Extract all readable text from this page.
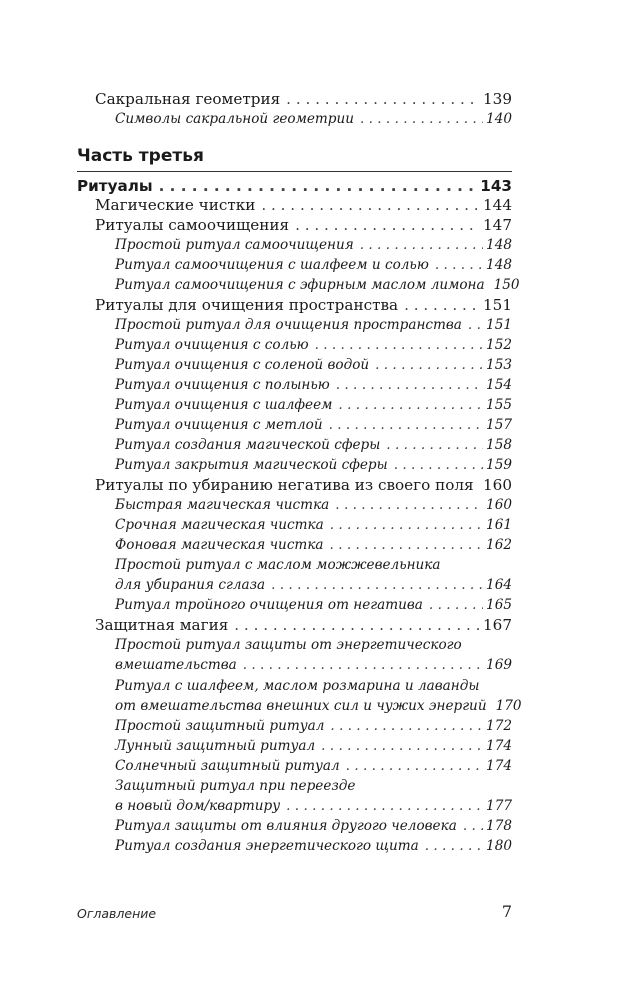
Сакральная геометрия . . .	139
Символы сакральной геометрии . . .	140
Часть третья
Ритуалы . . .	143
Магические чистки . . .	144
Ритуалы самоочищения . . .	147
Простой ритуал самоочищения . . .	148
Ритуал самоочищения с шалфеем и солью . . .	148
Ритуал самоочищения с эфирным маслом лимона 150
Ритуалы для очищения пространства . . .	151
Простой ритуал для очищения пространства . . . 151
Ритуал очищения с солью . . .	152
Ритуал очищения с соленой водой . . .	153
Ритуал очищения с полынью . . .	154
Ритуал очищения с шалфеем . . .	155
Ритуал очищения с метлой . . .	157
Ритуал создания магической сферы . . .	158
Ритуал закрытия магической сферы . . .	159
Ритуалы по убиранию негатива из своего поля . . . 160
Быстрая магическая чистка . . .	160
Срочная магическая чистка . . .	161
Фоновая магическая чистка . . .	162
Простой ритуал с маслом можжевельника
для убирания сглаза . . .	164
Ритуал тройного очищения от негатива . . .	165
Защитная магия . . .	167
Простой ритуал защиты от энергетического
вмешательства . . .	169
Ритуал с шалфеем, маслом розмарина и лаванды
от вмешательства внешних сил и чужих энергий 170
Простой защитный ритуал . . .	172
Лунный защитный ритуал . . .	174
Солнечный защитный ритуал . . .	174
Защитный ритуал при переезде
в новый дом/квартиру . . .	177
Ритуал защиты от влияния другого человека . . . 178
Ритуал создания энергетического щита . . .	180
Оглавление	7
